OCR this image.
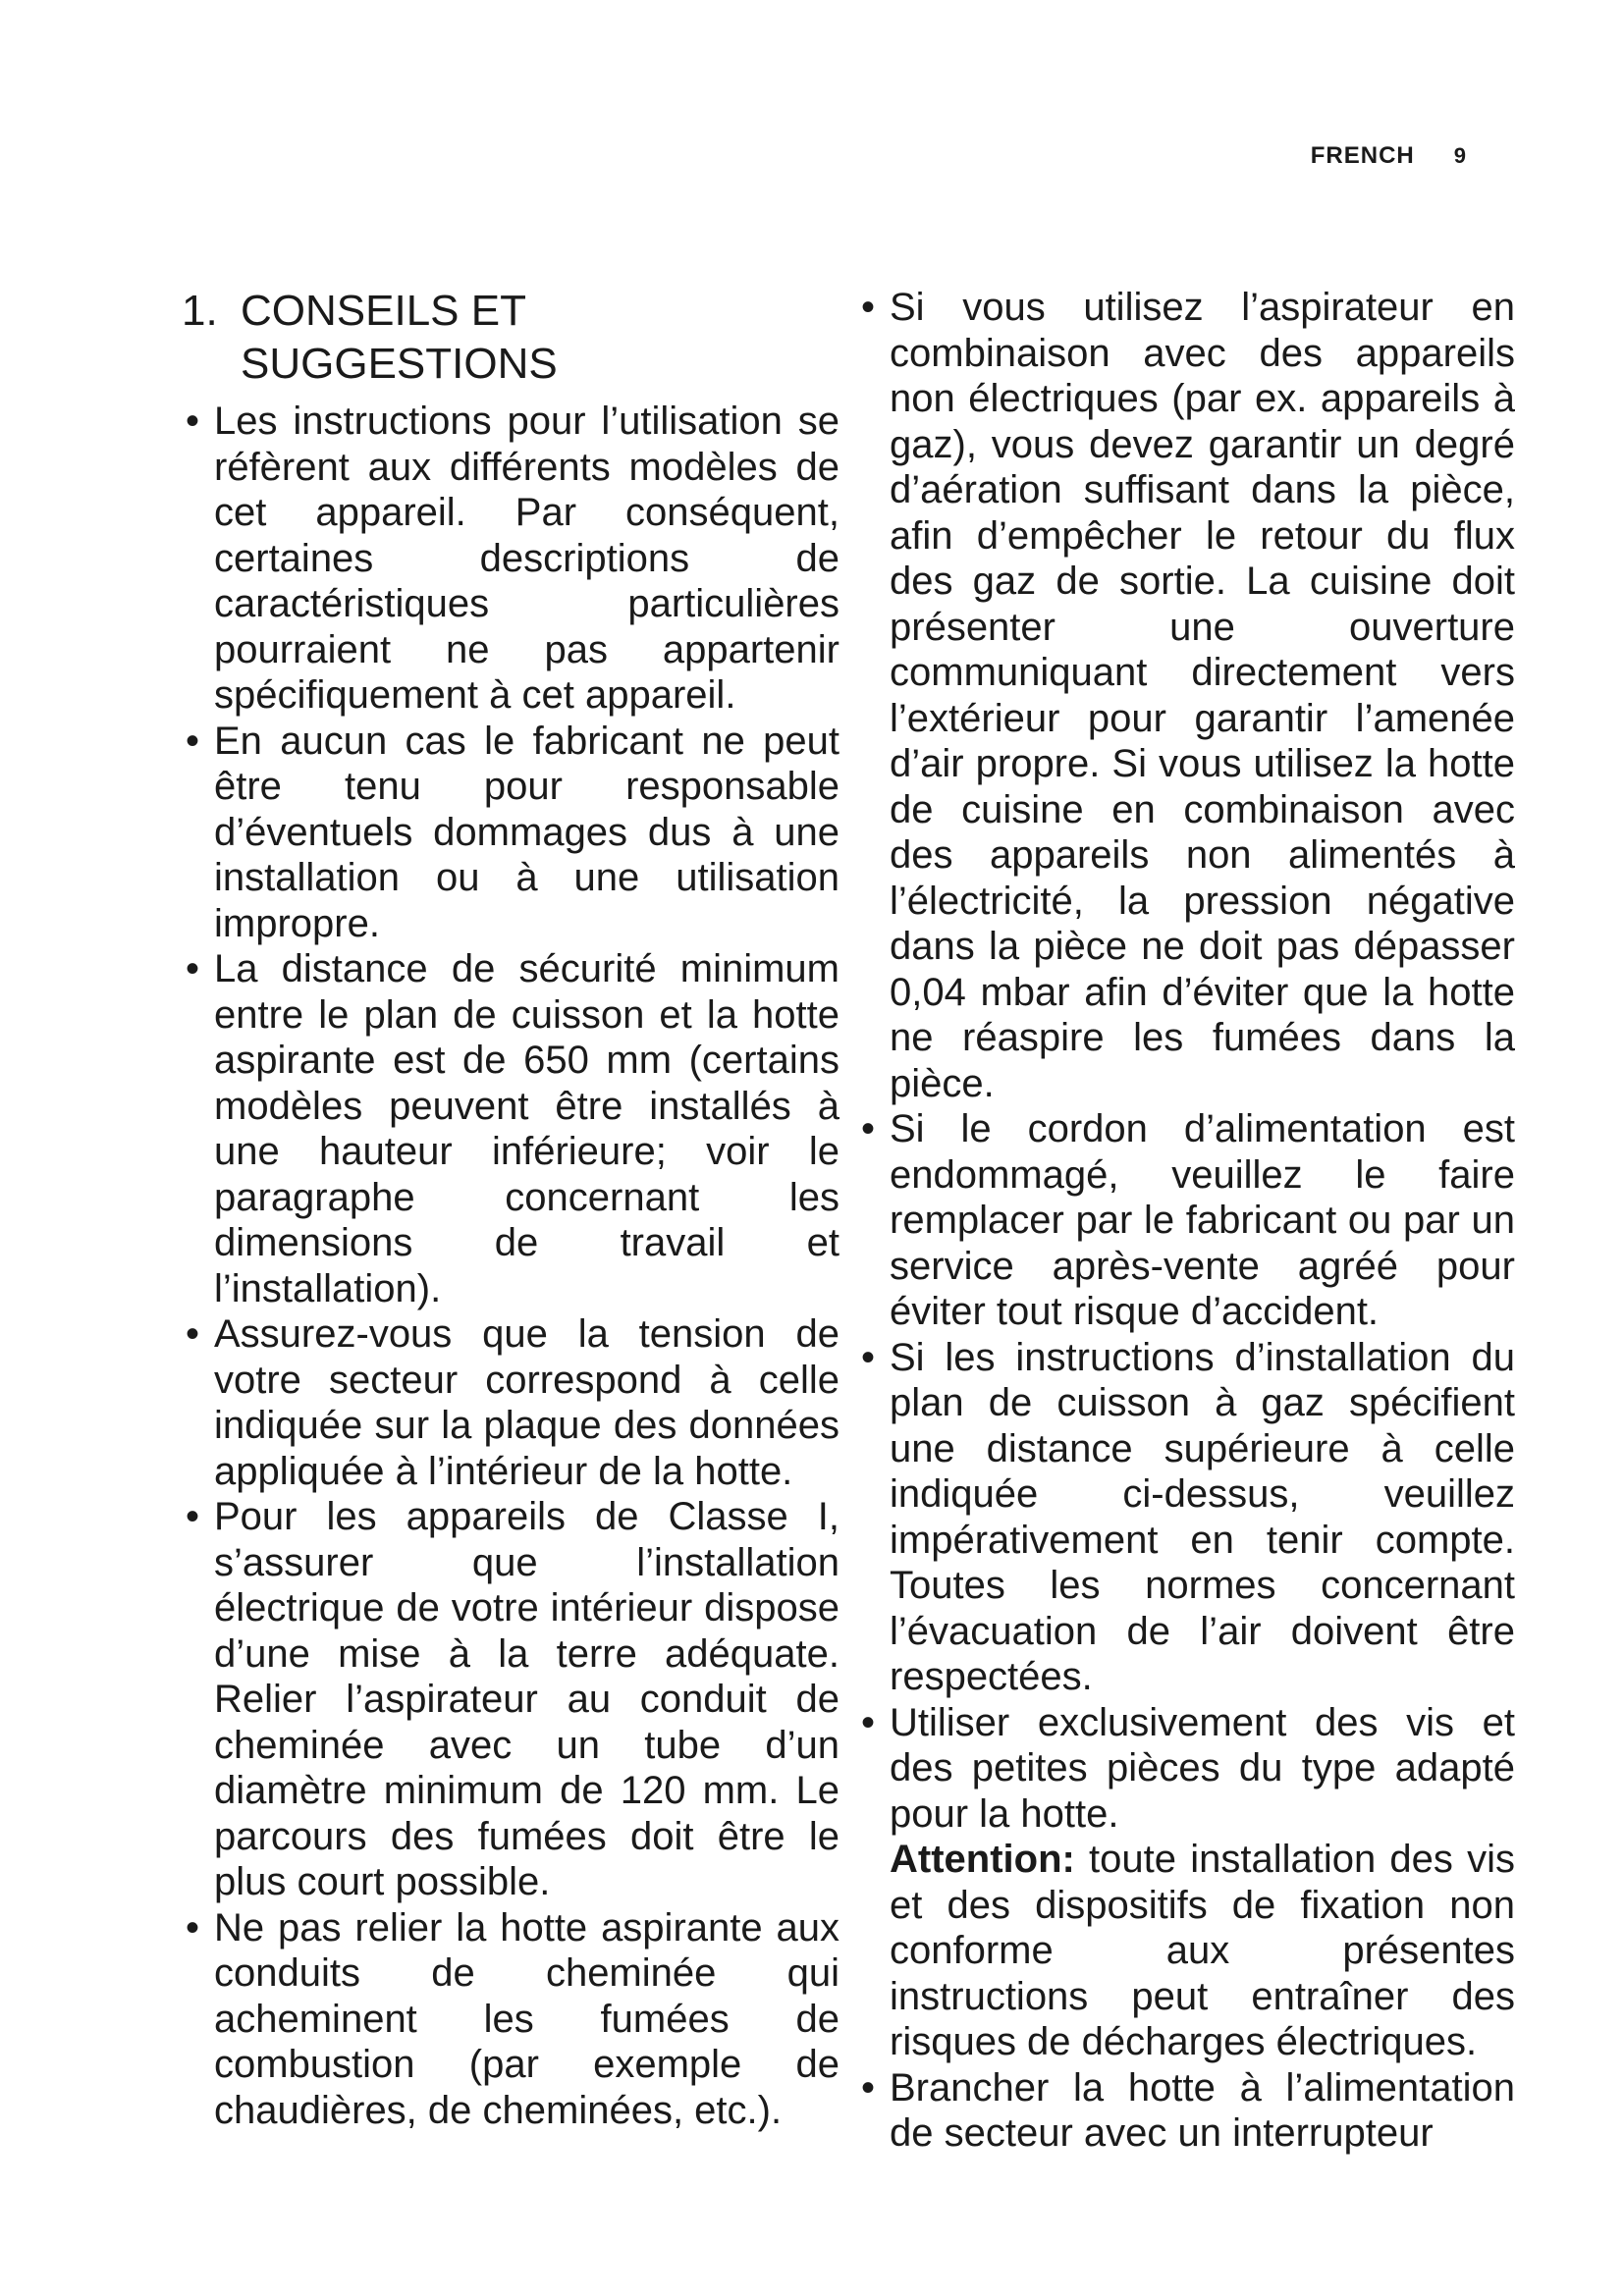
FRENCH 9
1. CONSEILS ET SUGGESTIONS

• Les instructions pour l’utilisation se réfèrent aux différents modèles de cet appareil. Par conséquent, certaines descriptions de caractéristiques particulières pourraient ne pas appartenir spécifiquement à cet appareil.

• En aucun cas le fabricant ne peut être tenu pour responsable d’éventuels dommages dus à une installation ou à une utilisation impropre.

• La distance de sécurité minimum entre le plan de cuisson et la hotte aspirante est de 650 mm (certains modèles peuvent être installés à une hauteur inférieure; voir le paragraphe concernant les dimensions de travail et l’installation).

• Assurez-vous que la tension de votre secteur correspond à celle indiquée sur la plaque des données appliquée à l’intérieur de la hotte.

• Pour les appareils de Classe I, s’assurer que l’installation électrique de votre intérieur dispose d’une mise à la terre adéquate. Relier l’aspirateur au conduit de cheminée avec un tube d’un diamètre minimum de 120 mm. Le parcours des fumées doit être le plus court possible.

• Ne pas relier la hotte aspirante aux conduits de cheminée qui acheminent les fumées de combustion (par exemple de chaudières, de cheminées, etc.).

• Si vous utilisez l’aspirateur en combinaison avec des appareils non électriques (par ex. appareils à gaz), vous devez garantir un degré d’aération suffisant dans la pièce, afin d’empêcher le retour du flux des gaz de sortie. La cuisine doit présenter une ouverture communiquant directement vers l’extérieur pour garantir l’amenée d’air propre. Si vous utilisez la hotte de cuisine en combinaison avec des appareils non alimentés à l’électricité, la pression négative dans la pièce ne doit pas dépasser 0,04 mbar afin d’éviter que la hotte ne réaspire les fumées dans la pièce.

• Si le cordon d’alimentation est endommagé, veuillez le faire remplacer par le fabricant ou par un service après-vente agréé pour éviter tout risque d’accident.

• Si les instructions d’installation du plan de cuisson à gaz spécifient une distance supérieure à celle indiquée ci-dessus, veuillez impérativement en tenir compte. Toutes les normes concernant l’évacuation de l’air doivent être respectées.

• Utiliser exclusivement des vis et des petites pièces du type adapté pour la hotte.

Attention: toute installation des vis et des dispositifs de fixation non conforme aux présentes instructions peut entraîner des risques de décharges électriques.

• Brancher la hotte à l’alimentation de secteur avec un interrupteur
